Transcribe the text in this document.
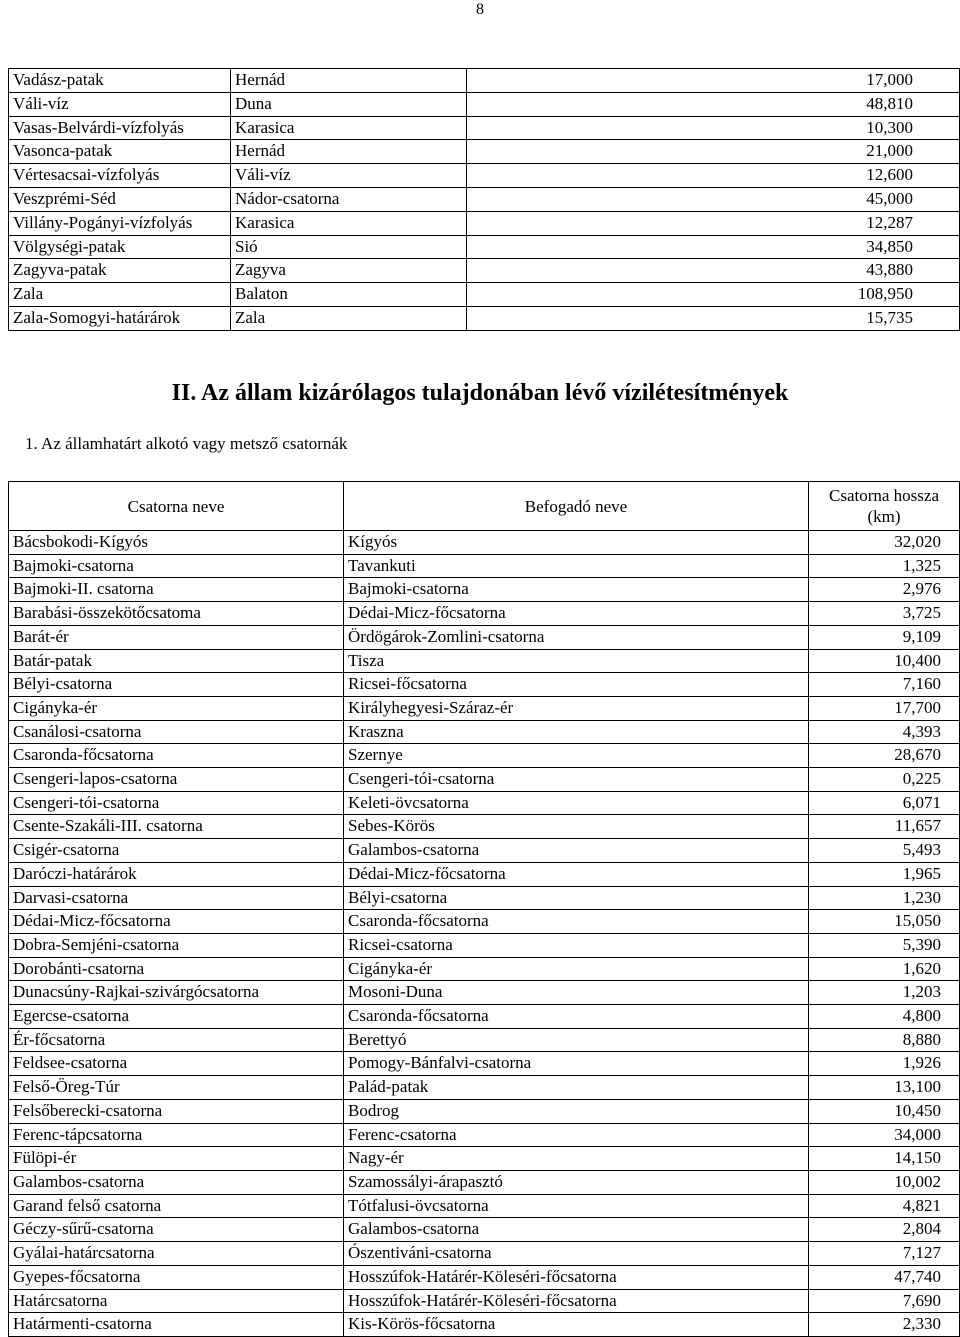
8
Vadász-patak	Hernád	17,000
Váli-víz	Duna	48,810
Vasas-Belvárdi-vízfolyás	Karasica	10,300
Vasonca-patak	Hernád	21,000
Vértesacsai-vízfolyás	Váli-víz	12,600
Veszprémi-Séd	Nádor-csatorna	45,000
Villány-Pogányi-vízfolyás	Karasica	12,287
Völgységi-patak	Sió	34,850
Zagyva-patak	Zagyva	43,880
Zala	Balaton	108,950
Zala-Somogyi-határárok	Zala	15,735
II. Az állam kizárólagos tulajdonában lévő vízilétesítmények
1. Az államhatárt alkotó vagy metsző csatornák
Csatorna neve	Befogadó neve	Csatorna hossza (km)
Bácsbokodi-Kígyós	Kígyós	32,020
Bajmoki-csatorna	Tavankuti	1,325
Bajmoki-II. csatorna	Bajmoki-csatorna	2,976
Barabási-összekötőcsatoma	Dédai-Micz-főcsatorna	3,725
Barát-ér	Ördögárok-Zomlini-csatorna	9,109
Batár-patak	Tisza	10,400
Bélyi-csatorna	Ricsei-főcsatorna	7,160
Cigányka-ér	Királyhegyesi-Száraz-ér	17,700
Csanálosi-csatorna	Kraszna	4,393
Csaronda-főcsatorna	Szernye	28,670
Csengeri-lapos-csatorna	Csengeri-tói-csatorna	0,225
Csengeri-tói-csatorna	Keleti-övcsatorna	6,071
Csente-Szakáli-III. csatorna	Sebes-Körös	11,657
Csigér-csatorna	Galambos-csatorna	5,493
Daróczi-határárok	Dédai-Micz-főcsatorna	1,965
Darvasi-csatorna	Bélyi-csatorna	1,230
Dédai-Micz-főcsatorna	Csaronda-főcsatorna	15,050
Dobra-Semjéni-csatorna	Ricsei-csatorna	5,390
Dorobánti-csatorna	Cigányka-ér	1,620
Dunacsúny-Rajkai-szivárgócsatorna	Mosoni-Duna	1,203
Egercse-csatorna	Csaronda-főcsatorna	4,800
Ér-főcsatorna	Berettyó	8,880
Feldsee-csatorna	Pomogy-Bánfalvi-csatorna	1,926
Felső-Öreg-Túr	Palád-patak	13,100
Felsőberecki-csatorna	Bodrog	10,450
Ferenc-tápcsatorna	Ferenc-csatorna	34,000
Fülöpi-ér	Nagy-ér	14,150
Galambos-csatorna	Szamossályi-árapasztó	10,002
Garand felső csatorna	Tótfalusi-övcsatorna	4,821
Géczy-sűrű-csatorna	Galambos-csatorna	2,804
Gyálai-határcsatorna	Ószentiváni-csatorna	7,127
Gyepes-főcsatorna	Hosszúfok-Határér-Köleséri-főcsatorna	47,740
Határcsatorna	Hosszúfok-Határér-Köleséri-főcsatorna	7,690
Határmenti-csatorna	Kis-Körös-főcsatorna	2,330
